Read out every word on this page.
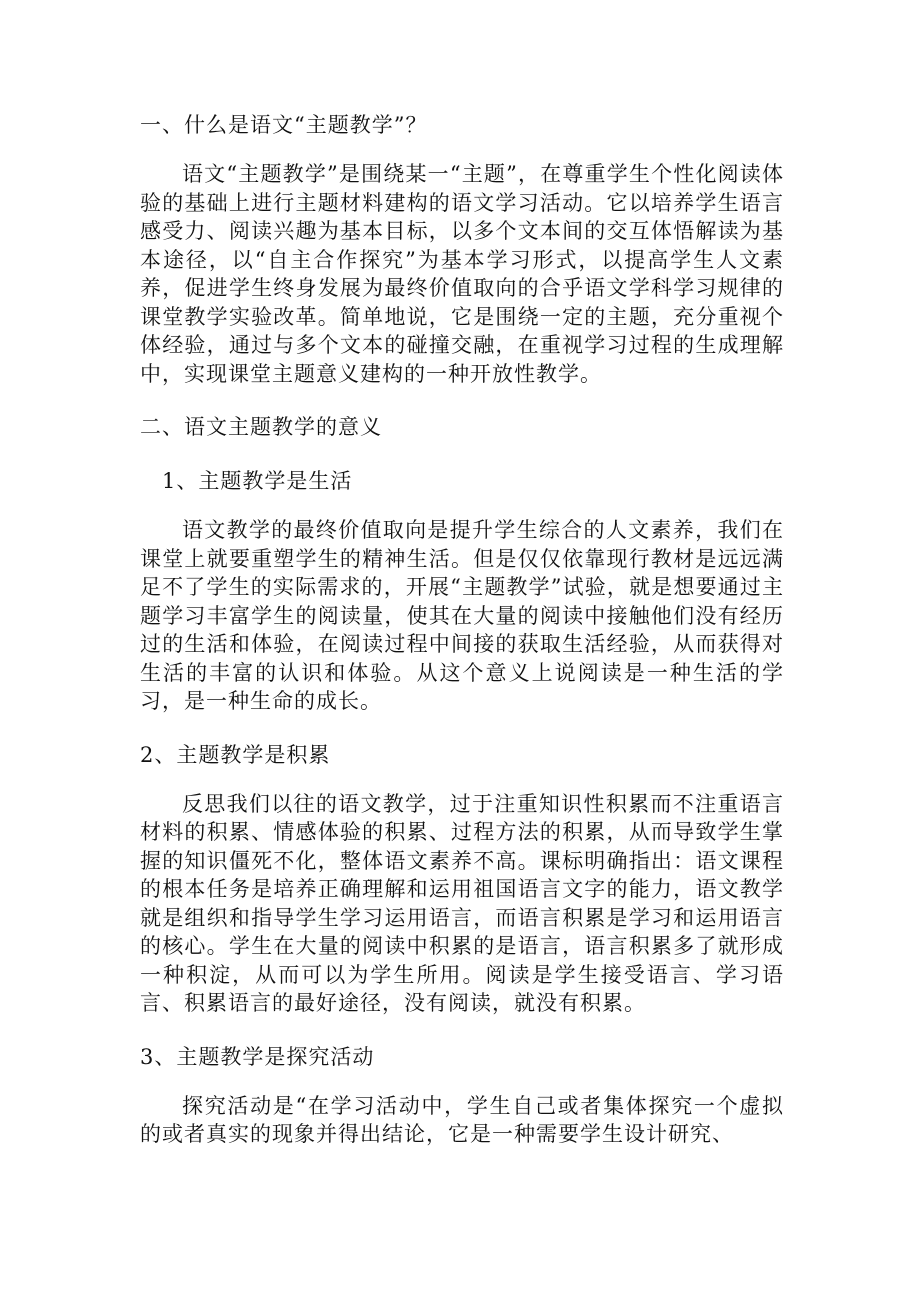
一、什么是语文“主题教学”？

语文“主题教学”是围绕某一“主题”，在尊重学生个性化阅读体验的基础上进行主题材料建构的语文学习活动。它以培养学生语言感受力、阅读兴趣为基本目标，以多个文本间的交互体悟解读为基本途径，以“自主合作探究”为基本学习形式，以提高学生人文素养，促进学生终身发展为最终价值取向的合乎语文学科学习规律的课堂教学实验改革。简单地说，它是围绕一定的主题，充分重视个体经验，通过与多个文本的碰撞交融，在重视学习过程的生成理解中，实现课堂主题意义建构的一种开放性教学。

二、语文主题教学的意义

1、主题教学是生活

语文教学的最终价值取向是提升学生综合的人文素养，我们在课堂上就要重塑学生的精神生活。但是仅仅依靠现行教材是远远满足不了学生的实际需求的，开展“主题教学”试验，就是想要通过主题学习丰富学生的阅读量，使其在大量的阅读中接触他们没有经历过的生活和体验，在阅读过程中间接的获取生活经验，从而获得对生活的丰富的认识和体验。从这个意义上说阅读是一种生活的学习，是一种生命的成长。

2、主题教学是积累

反思我们以往的语文教学，过于注重知识性积累而不注重语言材料的积累、情感体验的积累、过程方法的积累，从而导致学生掌握的知识僵死不化，整体语文素养不高。课标明确指出：语文课程的根本任务是培养正确理解和运用祖国语言文字的能力，语文教学就是组织和指导学生学习运用语言，而语言积累是学习和运用语言的核心。学生在大量的阅读中积累的是语言，语言积累多了就形成一种积淀，从而可以为学生所用。阅读是学生接受语言、学习语言、积累语言的最好途径，没有阅读，就没有积累。

3、主题教学是探究活动

探究活动是“在学习活动中，学生自己或者集体探究一个虚拟的或者真实的现象并得出结论，它是一种需要学生设计研究、
